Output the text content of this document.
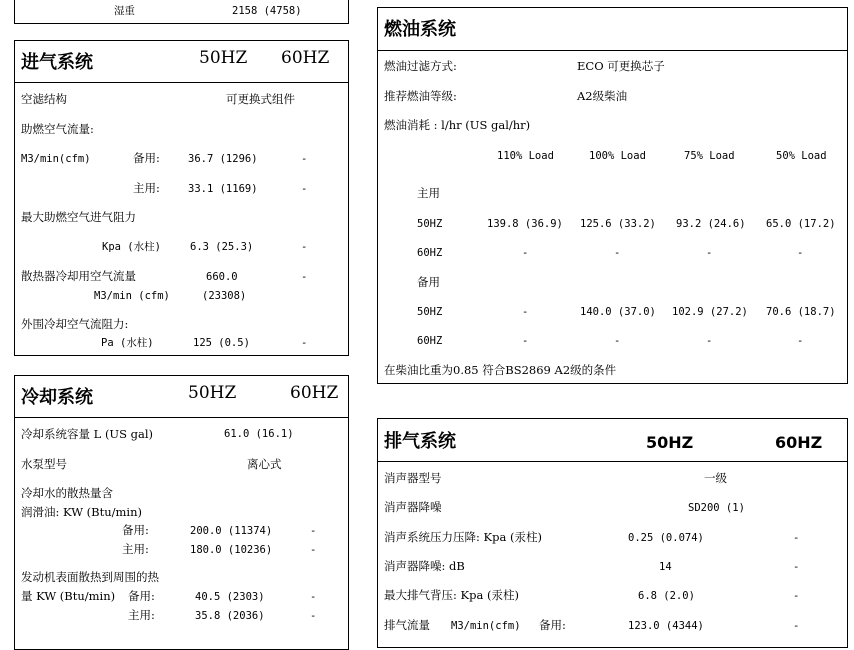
湿重	2158 (4758)
进气系统	50HZ 60HZ
空滤结构	可更换式组件
助燃空气流量:
M3/min(cfm)	备用:	36.7 (1296)	-
主用:	33.1 (1169)	-
最大助燃空气进气阻力
Kpa (水柱)	6.3 (25.3)	-
散热器冷却用空气流量	660.0	-
M3/min (cfm)	(23308)
外围冷却空气流阻力:
Pa (水柱)	125 (0.5)	-
冷却系统	50HZ	60HZ
冷却系统容量 L (US gal)	61.0 (16.1)
水泵型号	离心式
冷却水的散热量含
润滑油: KW (Btu/min)
备用:	200.0 (11374)	-
主用:	180.0 (10236)	-
发动机表面散热到周围的热
量 KW (Btu/min) 备用:	40.5 (2303)	-
主用:	35.8 (2036)	-
燃油系统
燃油过滤方式:	ECO 可更换芯子
推荐燃油等级:	A2级柴油
燃油消耗 : l/hr (US gal/hr)
110% Load	100% Load	75% Load	50% Load
主用
50HZ	139.8 (36.9) 125.6 (33.2) 93.2 (24.6) 65.0 (17.2)
60HZ	-	-	-	-
备用
50HZ	-	140.0 (37.0) 102.9 (27.2) 70.6 (18.7)
60HZ	-	-	-	-
在柴油比重为0.85 符合BS2869 A2级的条件
排气系统	50HZ	60HZ
消声器型号	一级
消声器降噪	SD200 (1)
消声系统压力压降: Kpa (汞柱)	0.25 (0.074)	-
消声器降噪: dB	14	-
最大排气背压: Kpa (汞柱)	6.8 (2.0)	-
排气流量 M3/min(cfm) 备用:	123.0 (4344)	-
